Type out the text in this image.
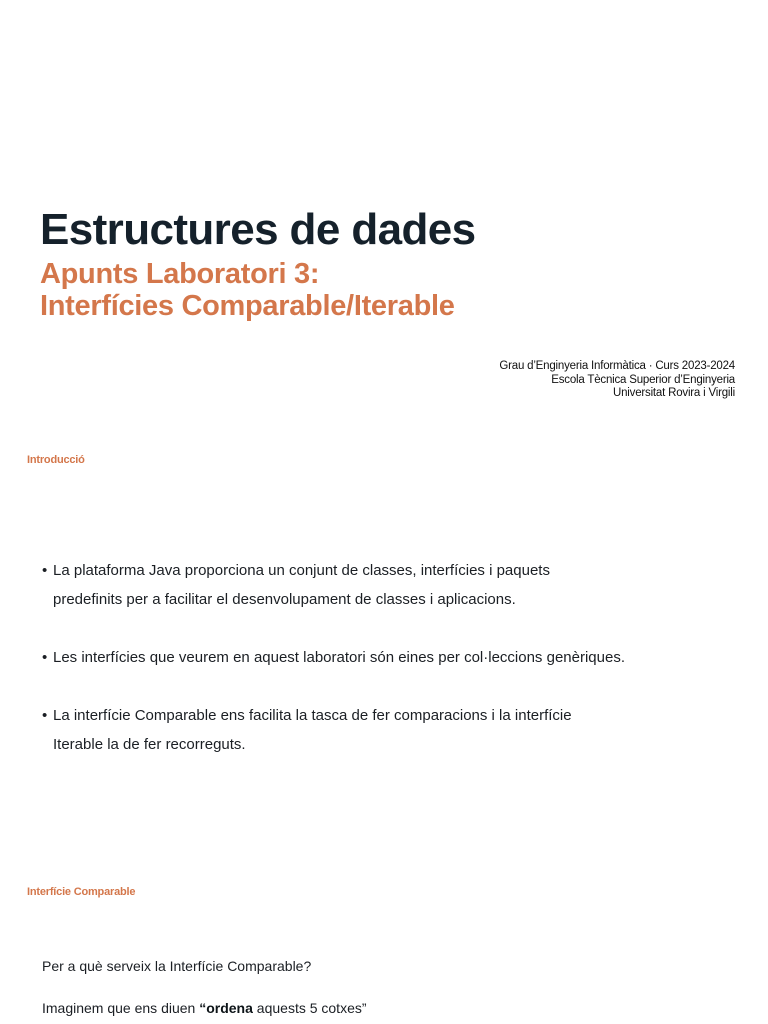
Estructures de dades
Apunts Laboratori 3:
Interfícies Comparable/Iterable
Grau d’Enginyeria Informàtica · Curs 2023-2024
Escola Tècnica Superior d’Enginyeria
Universitat Rovira i Virgili
Introducció
• La plataforma Java proporciona un conjunt de classes, interfícies i paquets
predefinits per a facilitar el desenvolupament de classes i aplicacions.
• Les interfícies que veurem en aquest laboratori són eines per col·leccions genèriques.
• La interfície Comparable ens facilita la tasca de fer comparacions i la interfície
Iterable la de fer recorreguts.
Interfície Comparable
Per a què serveix la Interfície Comparable?
Imaginem que ens diuen “ordena aquests 5 cotxes”
